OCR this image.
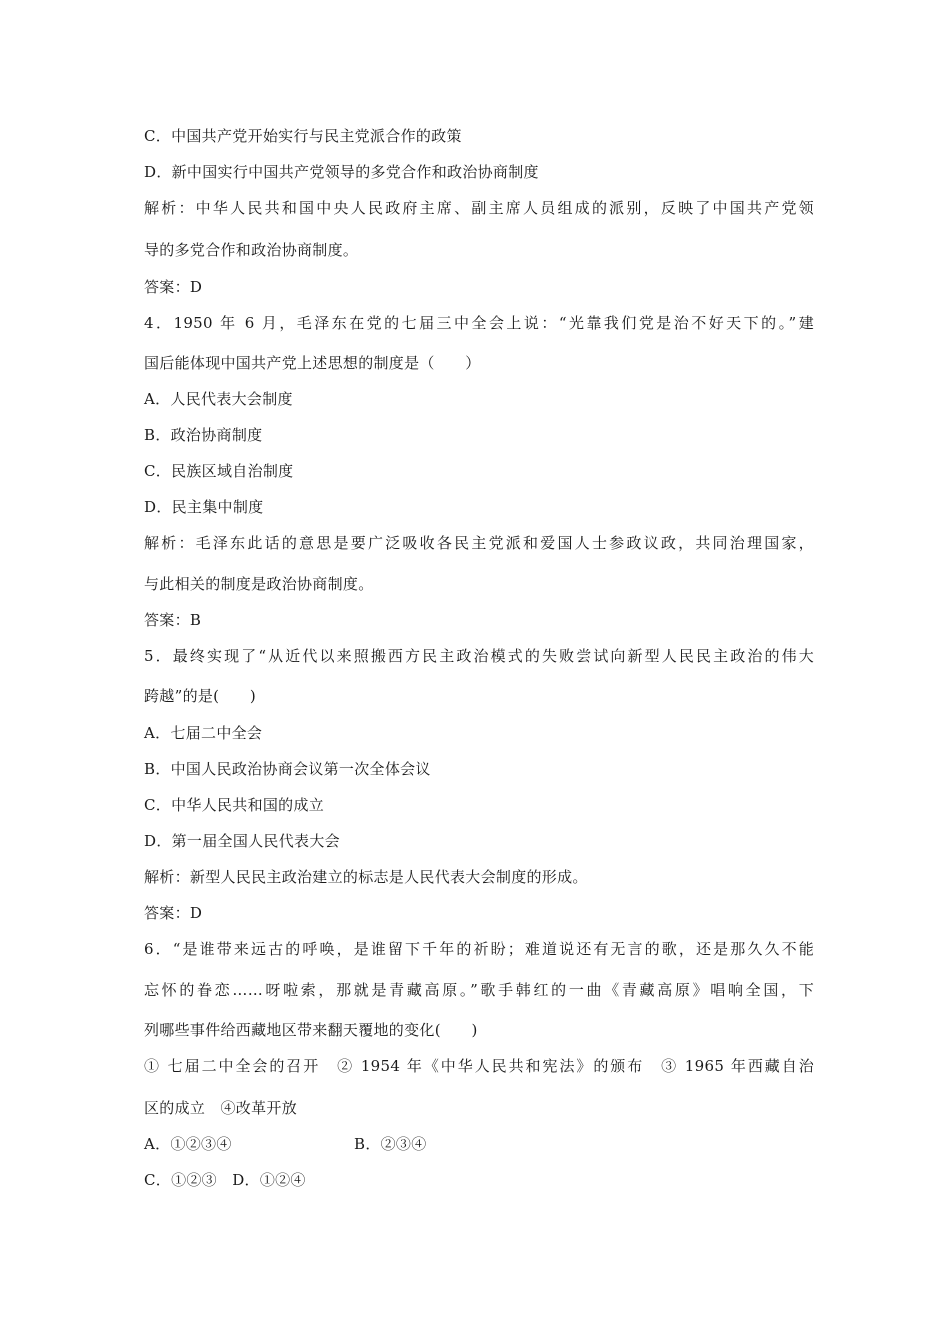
C．中国共产党开始实行与民主党派合作的政策
D．新中国实行中国共产党领导的多党合作和政治协商制度
解析：中华人民共和国中央人民政府主席、副主席人员组成的派别，反映了中国共产党领
导的多党合作和政治协商制度。
答案：D
4．1950 年 6 月，毛泽东在党的七届三中全会上说：“光靠我们党是治不好天下的。”建
国后能体现中国共产党上述思想的制度是（　　）
A．人民代表大会制度
B．政治协商制度
C．民族区域自治制度
D．民主集中制度
解析：毛泽东此话的意思是要广泛吸收各民主党派和爱国人士参政议政，共同治理国家，
与此相关的制度是政治协商制度。
答案：B
5．最终实现了“从近代以来照搬西方民主政治模式的失败尝试向新型人民民主政治的伟大
跨越”的是(　　)
A．七届二中全会
B．中国人民政治协商会议第一次全体会议
C．中华人民共和国的成立
D．第一届全国人民代表大会
解析：新型人民民主政治建立的标志是人民代表大会制度的形成。
答案：D
6．“是谁带来远古的呼唤，是谁留下千年的祈盼；难道说还有无言的歌，还是那久久不能
忘怀的眷恋……呀啦索，那就是青藏高原。”歌手韩红的一曲《青藏高原》唱响全国，下
列哪些事件给西藏地区带来翻天覆地的变化(　　)
① 七届二中全会的召开　② 1954 年《中华人民共和宪法》的颁布　③ 1965 年西藏自治
区的成立　④改革开放
A．①②③④	B．②③④
C．①②③ D．①②④
